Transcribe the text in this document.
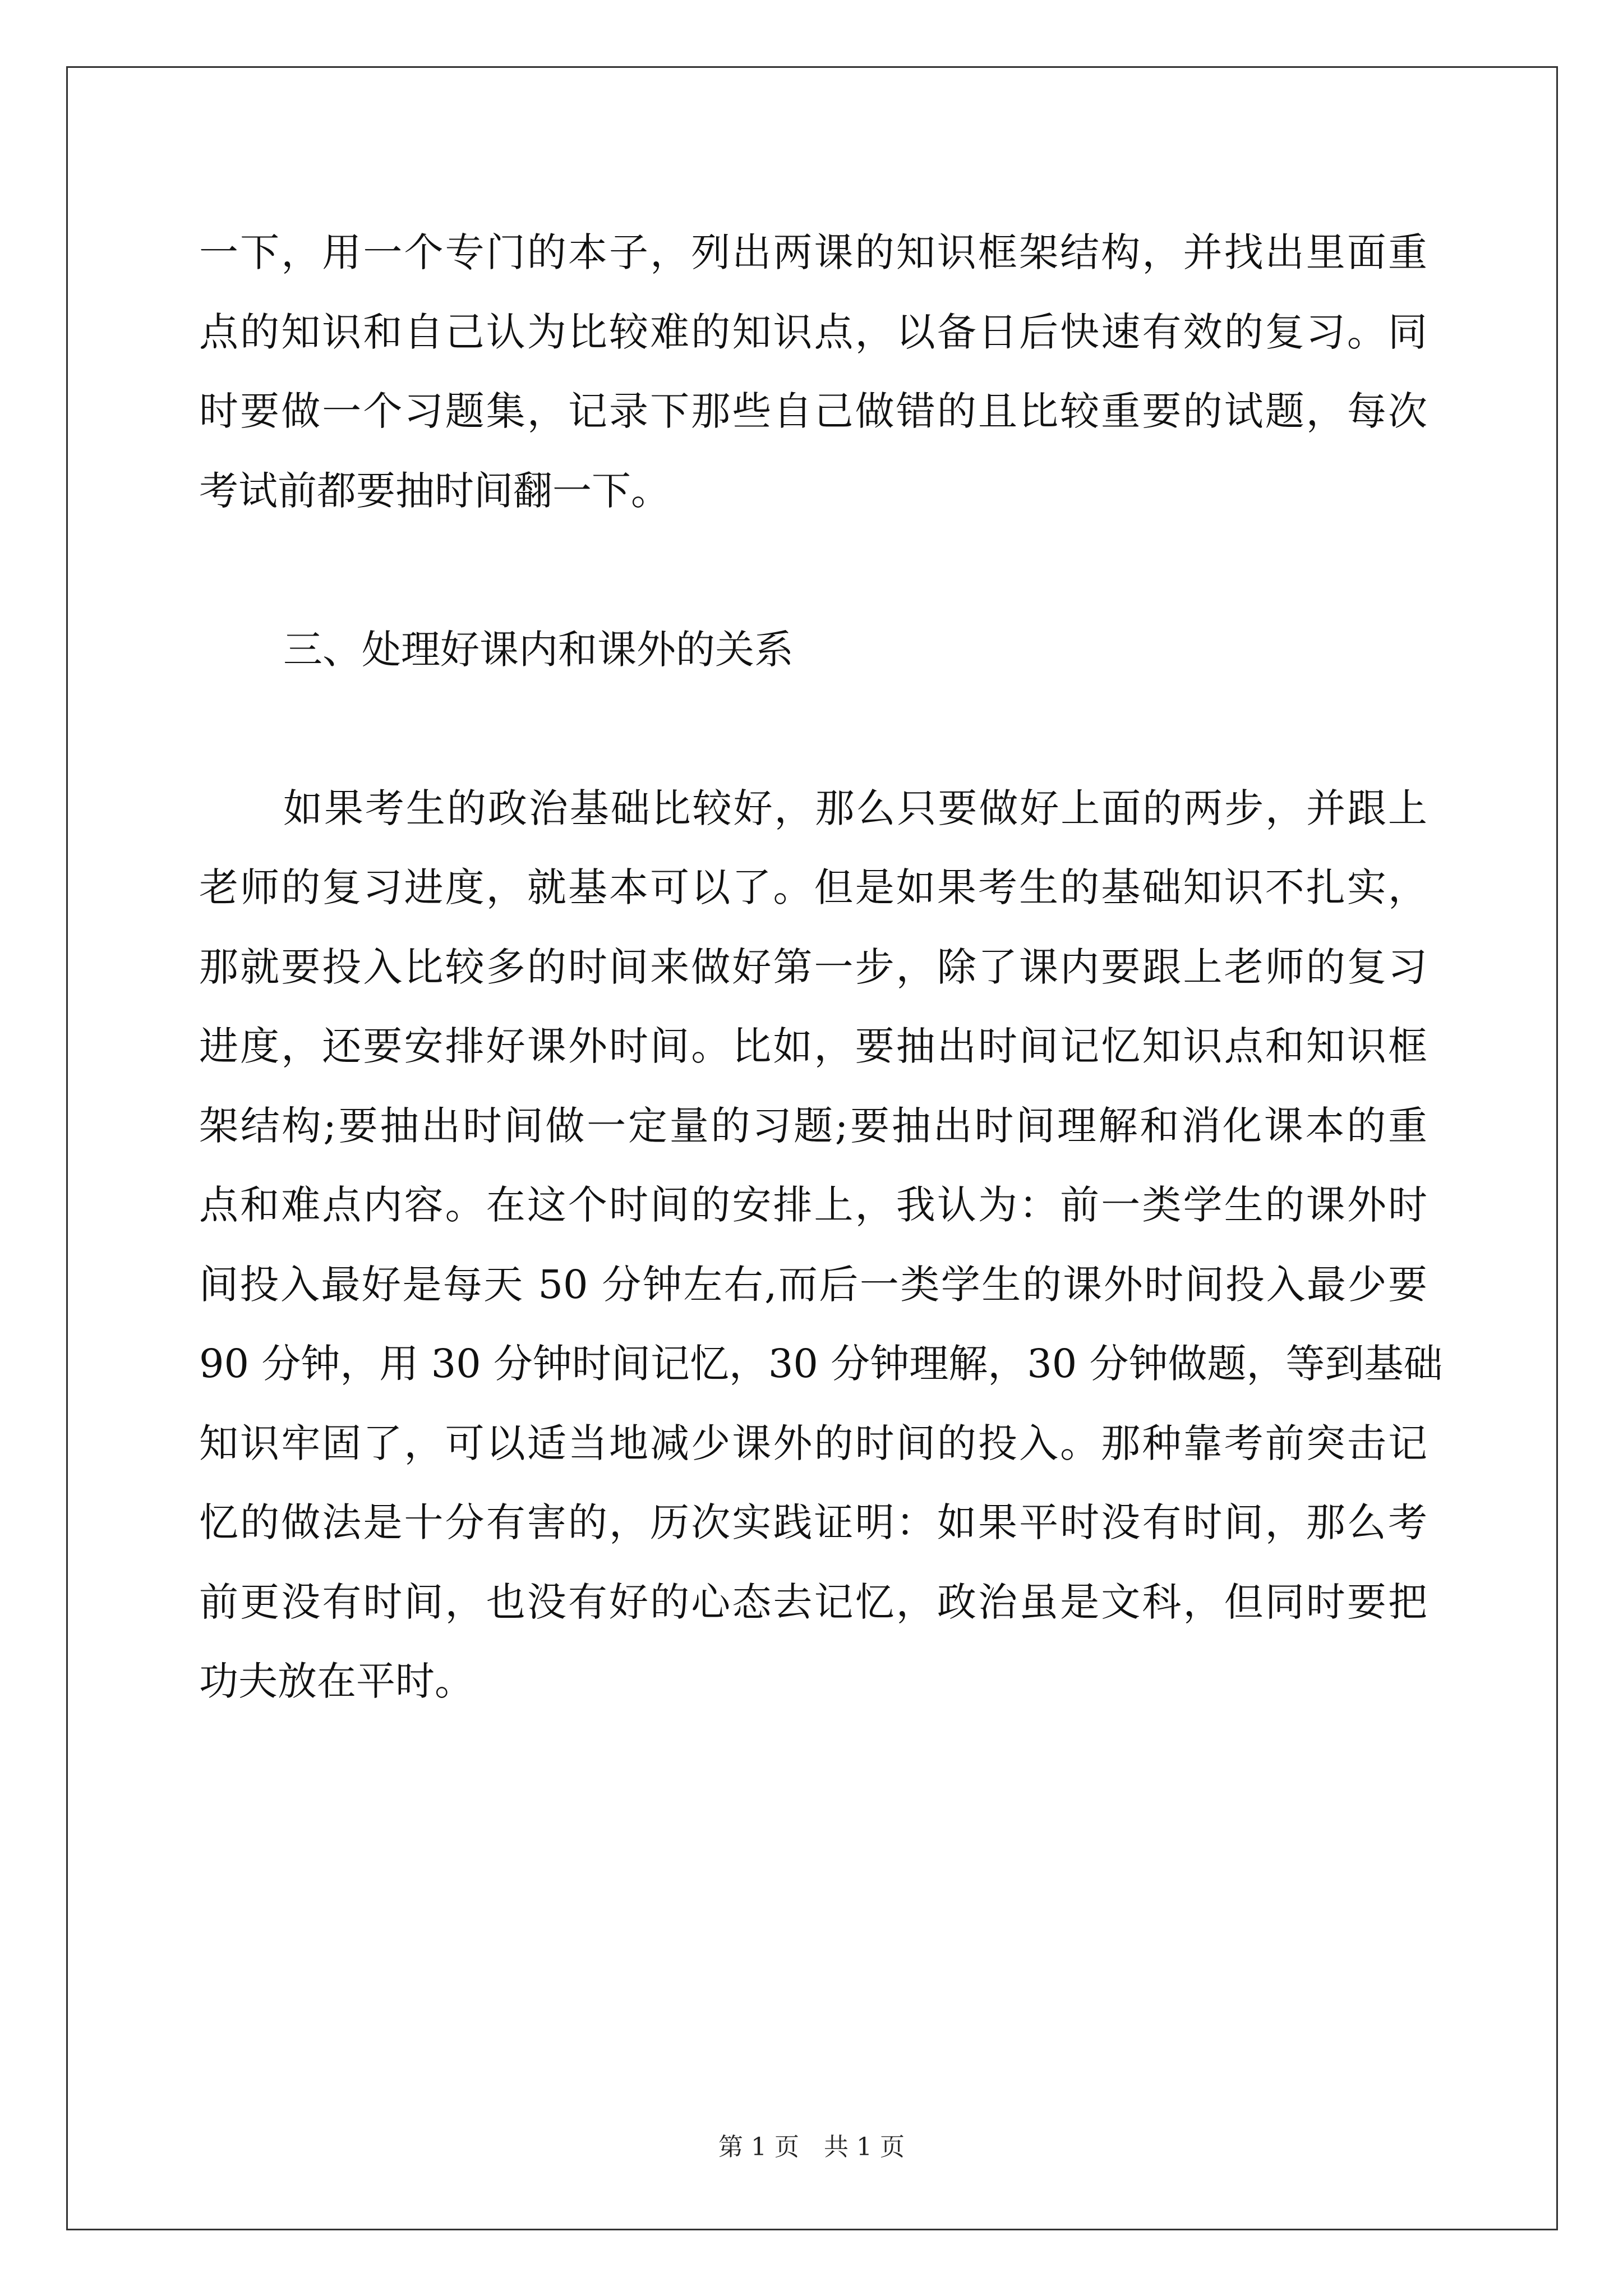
一下，用一个专门的本子，列出两课的知识框架结构，并找出里面重
点的知识和自己认为比较难的知识点，以备日后快速有效的复习。同
时要做一个习题集，记录下那些自己做错的且比较重要的试题，每次
考试前都要抽时间翻一下。
三、处理好课内和课外的关系
如果考生的政治基础比较好，那么只要做好上面的两步，并跟上
老师的复习进度，就基本可以了。但是如果考生的基础知识不扎实，
那就要投入比较多的时间来做好第一步，除了课内要跟上老师的复习
进度，还要安排好课外时间。比如，要抽出时间记忆知识点和知识框
架结构;要抽出时间做一定量的习题;要抽出时间理解和消化课本的重
点和难点内容。在这个时间的安排上，我认为：前一类学生的课外时
间投入最好是每天 50 分钟左右,而后一类学生的课外时间投入最少要
90 分钟，用 30 分钟时间记忆，30 分钟理解，30 分钟做题，等到基础
知识牢固了，可以适当地减少课外的时间的投入。那种靠考前突击记
忆的做法是十分有害的，历次实践证明：如果平时没有时间，那么考
前更没有时间，也没有好的心态去记忆，政治虽是文科，但同时要把
功夫放在平时。
第 1 页　共 1 页
